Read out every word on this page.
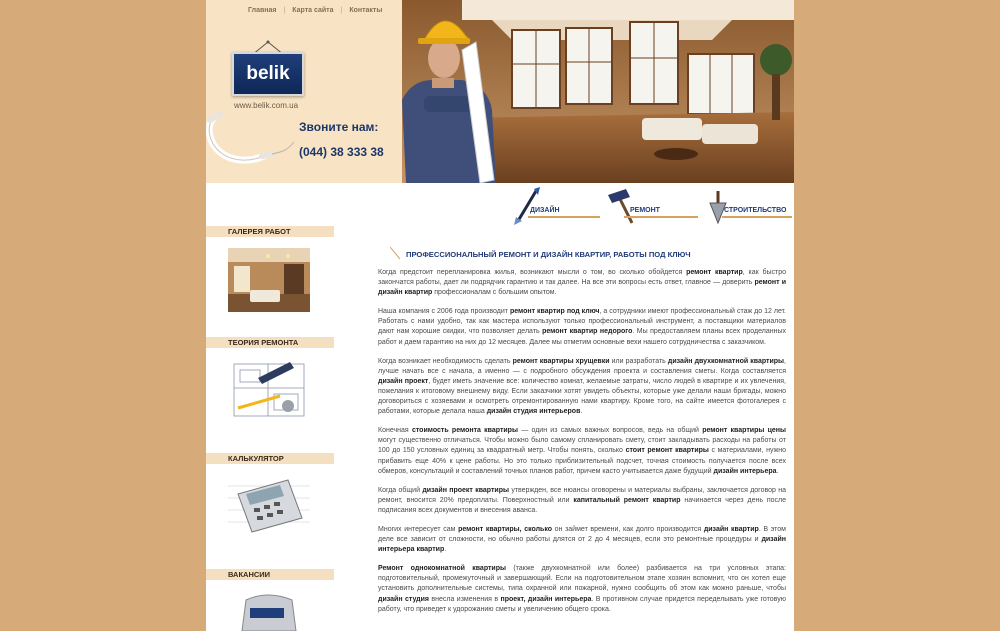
Главная | Карта сайта | Контакты
belik
www.belik.com.ua
Звоните нам:
(044) 38 333 38
ДИЗАЙН	РЕМОНТ	СТРОИТЕЛЬСТВО
ГАЛЕРЕЯ РАБОТ
ТЕОРИЯ РЕМОНТА
КАЛЬКУЛЯТОР
ВАКАНСИИ
ПРОФЕССИОНАЛЬНЫЙ РЕМОНТ И ДИЗАЙН КВАРТИР, РАБОТЫ ПОД КЛЮЧ

Когда предстоит перепланировка жилья, возникают мысли о том, во сколько обойдется ремонт квартир, как быстро закончатся работы, дает ли подрядчик гарантию и так далее. На все эти вопросы есть ответ, главное — доверить ремонт и дизайн квартир профессионалам с большим опытом.

Наша компания с 2006 года производит ремонт квартир под ключ, а сотрудники имеют профессиональный стаж до 12 лет. Работать с нами удобно, так как мастера используют только профессиональный инструмент, а поставщики материалов дают нам хорошие скидки, что позволяет делать ремонт квартир недорого. Мы предоставляем планы всех проделанных работ и даем гарантию на них до 12 месяцев. Далее мы отметим основные вехи нашего сотрудничества с заказчиком.

Когда возникает необходимость сделать ремонт квартиры хрущевки или разработать дизайн двухкомнатной квартиры, лучше начать все с начала, а именно — с подробного обсуждения проекта и составления сметы. Когда составляется дизайн проект, будет иметь значение все: количество комнат, желаемые затраты, число людей в квартире и их увлечения, пожелания к итоговому внешнему виду. Если заказчики хотят увидеть объекты, которые уже делали наши бригады, можно договориться с хозяевами и осмотреть отремонтированную нами квартиру. Кроме того, на сайте имеется фотогалерея с работами, которые делала наша дизайн студия интерьеров.

Конечная стоимость ремонта квартиры — один из самых важных вопросов, ведь на общий ремонт квартиры цены могут существенно отличаться. Чтобы можно было самому спланировать смету, стоит закладывать расходы на работы от 100 до 150 условных единиц за квадратный метр. Чтобы понять, сколько стоит ремонт квартиры с материалами, нужно прибавить еще 40% к цене работы. Но это только приблизительный подсчет, точная стоимость получается после всех обмеров, консультаций и составлений точных планов работ, причем касто учитывается даже будущий дизайн интерьера.

Когда общий дизайн проект квартиры утвержден, все нюансы оговорены и материалы выбраны, заключается договор на ремонт, вносится 20% предоплаты. Поверхностный или капитальный ремонт квартир начинается через день после подписания всех документов и внесения аванса.

Многих интересует сам ремонт квартиры, сколько он займет времени, как долго производится дизайн квартир. В этом деле все зависит от сложности, но обычно работы длятся от 2 до 4 месяцев, если это ремонтные процедуры и дизайн интерьера квартир.

Ремонт однокомнатной квартиры (также двухкомнатной или более) разбивается на три условных этапа: подготовительный, промежуточный и завершающий. Если на подготовительном этапе хозяин вспомнит, что он хотел еще установить дополнительные системы, типа охранной или пожарной, нужно сообщить об этом как можно раньше, чтобы дизайн студия внесла изменения в проект, дизайн интерьера. В противном случае придется переделывать уже готовую работу, что приведет к удорожанию сметы и увеличению общего срока.
